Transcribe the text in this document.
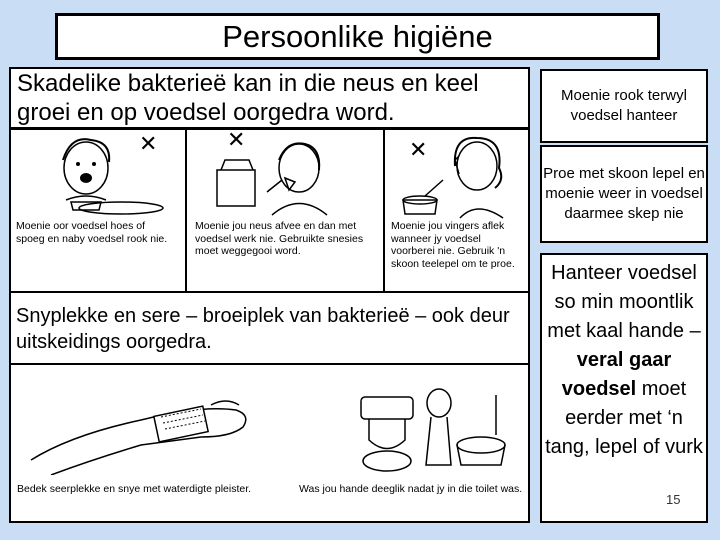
Persoonlike higiëne
Skadelike bakterieë kan in die neus en keel groei en op voedsel oorgedra word.
✕
Moenie oor voedsel hoes of spoeg en naby voedsel rook nie.
✕
Moenie jou neus afvee en dan met voedsel werk nie. Gebruikte snesies moet weggegooi word.
✕
Moenie jou vingers aflek wanneer jy voedsel voorberei nie. Gebruik 'n skoon teelepel om te proe.
Snyplekke en sere – broeiplek van bakterieë – ook deur uitskeidings oorgedra.
Bedek seerplekke en snye met waterdigte pleister.	Was jou hande deeglik nadat jy in die toilet was.
Moenie rook terwyl voedsel hanteer
Proe met skoon lepel en moenie weer in voedsel daarmee skep nie
Hanteer voedsel so min moontlik met kaal hande – veral gaar voedsel moet eerder met ‘n tang, lepel of vurk
15
